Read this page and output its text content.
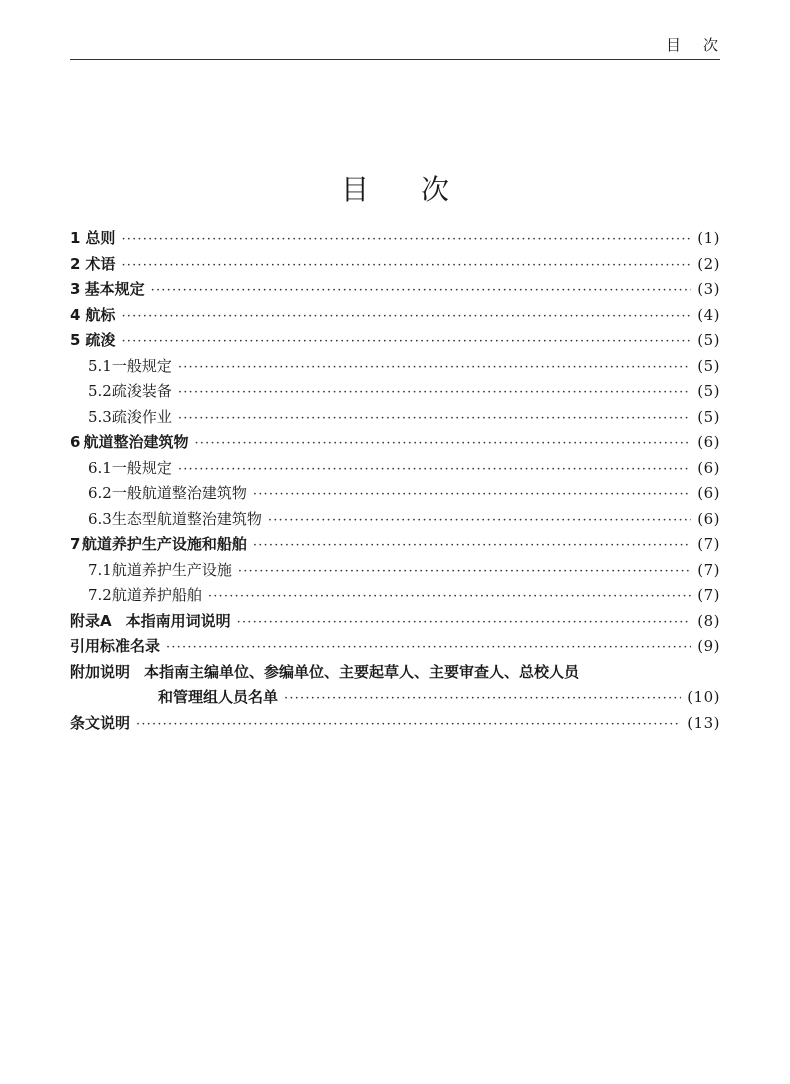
目次
目次
1 总则 ·····	(1)
2 术语 ·····	(2)
3 基本规定 ·····	(3)
4 航标 ·····	(4)
5 疏浚 ·····	(5)
5.1 一般规定 ·····	(5)
5.2 疏浚装备 ·····	(5)
5.3 疏浚作业 ·····	(5)
6 航道整治建筑物 ·····	(6)
6.1 一般规定 ·····	(6)
6.2 一般航道整治建筑物 ·····	(6)
6.3 生态型航道整治建筑物 ·····	(6)
7 航道养护生产设施和船舶 ·····	(7)
7.1 航道养护生产设施 ·····	(7)
7.2 航道养护船舶 ·····	(7)
附录A 本指南用词说明 ·····	(8)
引用标准名录 ·····	(9)
附加说明 本指南主编单位、参编单位、主要起草人、主要审查人、总校人员
和管理组人员名单 ·····	(10)
条文说明 ·····	(13)
